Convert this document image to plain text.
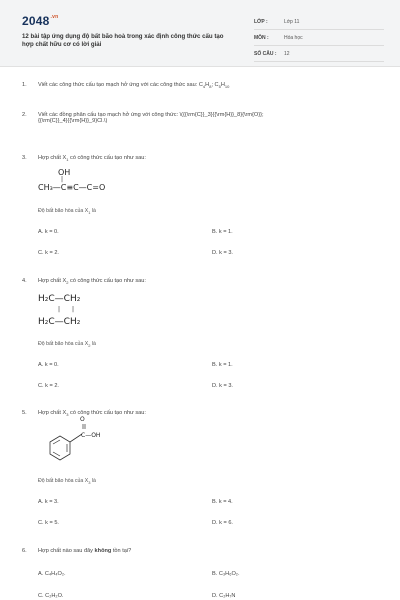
$2048^{.vn}$
12 bài tập ứng dụng độ bất bão hoà trong xác định công thức cấu tạo hợp chất hữu cơ có lời giải
LỚP :	Lớp 11
MÔN :	Hóa học
SỐ CÂU :	12
1. Viết các công thức cấu tạo mạch hở ứng với các công thức sau: $C_4H_8$; $C_5H_{10}$
2. Viết các đồng phân cấu tạo mạch hở ứng với công thức: \({{\rm{C}}_3}{{\rm{H}}_8}{\rm{O}};
{{\rm{C}}_4}{{\rm{H}}_9}Cl.\)
3. Hợp chất $X_1$ có công thức cấu tạo như sau:
OH
|
CH₃—C≡C—C=O
Độ bất bão hòa của $X_1$ là
A. k = 0.	B. k = 1.
C. k = 2.	D. k = 3.
4. Hợp chất $X_2$ có công thức cấu tạo như sau:
H₂C—CH₂
||
H₂C—CH₂
Độ bất bão hòa của $X_2$ là
A. k = 0.	B. k = 1.
C. k = 2.	D. k = 3.
5. Hợp chất $X_3$ có công thức cấu tạo như sau:
O
C—OH
Độ bất bão hòa của $X_3$ là
A. k = 3.	B. k = 4.
C. k = 5.	D. k = 6.
6. Hợp chất nào sau đây không tồn tại?
A. C₄H₄O₂.	B. C₃H₆O₂.
C. C₂H₂O.	D. C₂H₇N
